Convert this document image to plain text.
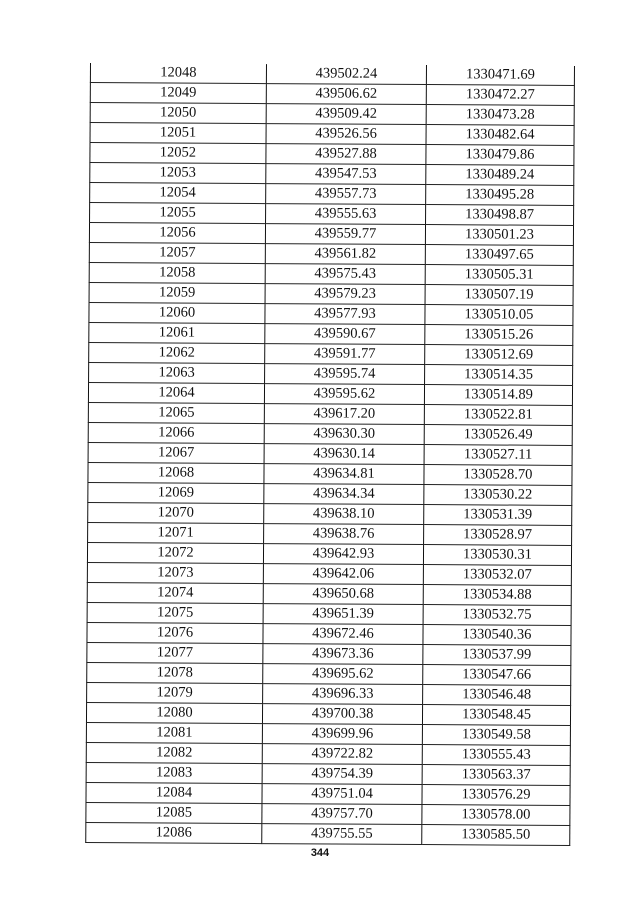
12048	439502.24	1330471.69
12049	439506.62	1330472.27
12050	439509.42	1330473.28
12051	439526.56	1330482.64
12052	439527.88	1330479.86
12053	439547.53	1330489.24
12054	439557.73	1330495.28
12055	439555.63	1330498.87
12056	439559.77	1330501.23
12057	439561.82	1330497.65
12058	439575.43	1330505.31
12059	439579.23	1330507.19
12060	439577.93	1330510.05
12061	439590.67	1330515.26
12062	439591.77	1330512.69
12063	439595.74	1330514.35
12064	439595.62	1330514.89
12065	439617.20	1330522.81
12066	439630.30	1330526.49
12067	439630.14	1330527.11
12068	439634.81	1330528.70
12069	439634.34	1330530.22
12070	439638.10	1330531.39
12071	439638.76	1330528.97
12072	439642.93	1330530.31
12073	439642.06	1330532.07
12074	439650.68	1330534.88
12075	439651.39	1330532.75
12076	439672.46	1330540.36
12077	439673.36	1330537.99
12078	439695.62	1330547.66
12079	439696.33	1330546.48
12080	439700.38	1330548.45
12081	439699.96	1330549.58
12082	439722.82	1330555.43
12083	439754.39	1330563.37
12084	439751.04	1330576.29
12085	439757.70	1330578.00
12086	439755.55	1330585.50
344
